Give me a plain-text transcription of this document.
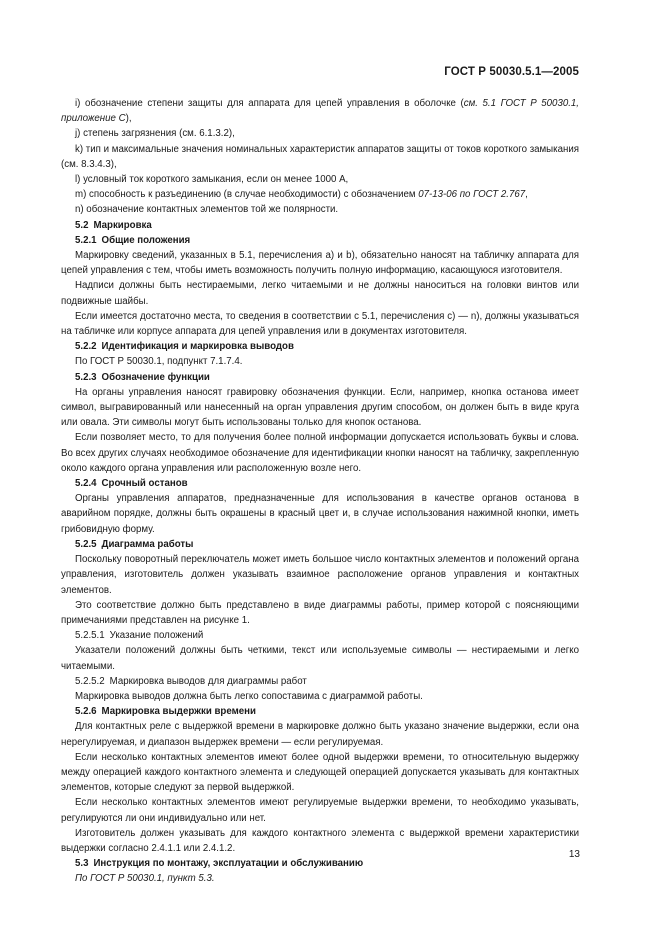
ГОСТ Р 50030.5.1—2005

i) обозначение степени защиты для аппарата для цепей управления в оболочке (см. 5.1 ГОСТ Р 50030.1, приложение С),

j) степень загрязнения (см. 6.1.3.2),

k) тип и максимальные значения номинальных характеристик аппаратов защиты от токов короткого замыкания (см. 8.3.4.3),

l) условный ток короткого замыкания, если он менее 1000 А,

m) способность к разъединению (в случае необходимости) с обозначением 07-13-06 по ГОСТ 2.767,

n) обозначение контактных элементов той же полярности.

5.2 Маркировка

5.2.1 Общие положения

Маркировку сведений, указанных в 5.1, перечисления а) и b), обязательно наносят на табличку аппарата для цепей управления с тем, чтобы иметь возможность получить полную информацию, касающуюся изготовителя.

Надписи должны быть нестираемыми, легко читаемыми и не должны наноситься на головки винтов или подвижные шайбы.

Если имеется достаточно места, то сведения в соответствии с 5.1, перечисления с) — n), должны указываться на табличке или корпусе аппарата для цепей управления или в документах изготовителя.

5.2.2 Идентификация и маркировка выводов

По ГОСТ Р 50030.1, подпункт 7.1.7.4.

5.2.3 Обозначение функции

На органы управления наносят гравировку обозначения функции. Если, например, кнопка останова имеет символ, выгравированный или нанесенный на орган управления другим способом, он должен быть в виде круга или овала. Эти символы могут быть использованы только для кнопок останова.

Если позволяет место, то для получения более полной информации допускается использовать буквы и слова. Во всех других случаях необходимое обозначение для идентификации кнопки наносят на табличку, закрепленную около каждого органа управления или расположенную возле него.

5.2.4 Срочный останов

Органы управления аппаратов, предназначенные для использования в качестве органов останова в аварийном порядке, должны быть окрашены в красный цвет и, в случае использования нажимной кнопки, иметь грибовидную форму.

5.2.5 Диаграмма работы

Поскольку поворотный переключатель может иметь большое число контактных элементов и положений органа управления, изготовитель должен указывать взаимное расположение органов управления и контактных элементов.

Это соответствие должно быть представлено в виде диаграммы работы, пример которой с поясняющими примечаниями представлен на рисунке 1.

5.2.5.1 Указание положений

Указатели положений должны быть четкими, текст или используемые символы — нестираемыми и легко читаемыми.

5.2.5.2 Маркировка выводов для диаграммы работ

Маркировка выводов должна быть легко сопоставима с диаграммой работы.

5.2.6 Маркировка выдержки времени

Для контактных реле с выдержкой времени в маркировке должно быть указано значение выдержки, если она нерегулируемая, и диапазон выдержек времени — если регулируемая.

Если несколько контактных элементов имеют более одной выдержки времени, то относительную выдержку между операцией каждого контактного элемента и следующей операцией допускается указывать для контактных элементов, которые следуют за первой выдержкой.

Если несколько контактных элементов имеют регулируемые выдержки времени, то необходимо указывать, регулируются ли они индивидуально или нет.

Изготовитель должен указывать для каждого контактного элемента с выдержкой времени характеристики выдержки согласно 2.4.1.1 или 2.4.1.2.

5.3 Инструкция по монтажу, эксплуатации и обслуживанию

По ГОСТ Р 50030.1, пункт 5.3.

13
